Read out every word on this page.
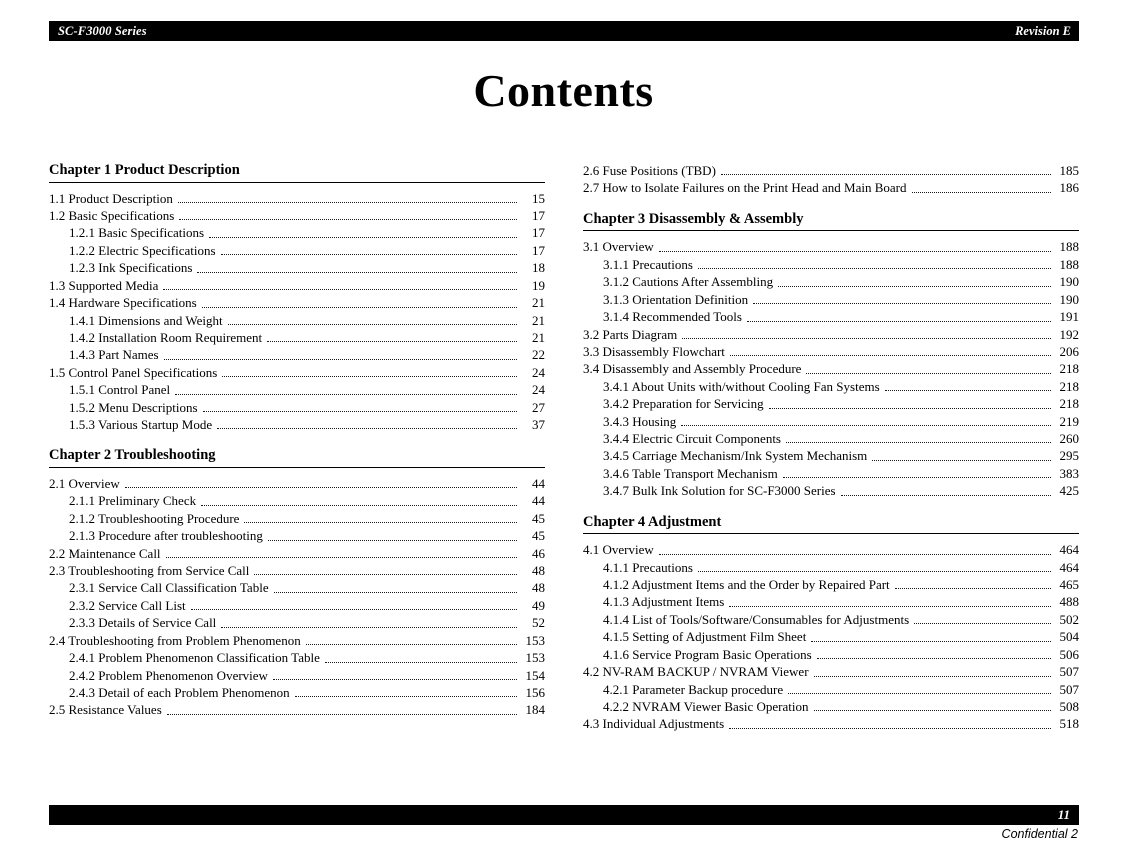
SC-F3000 Series	Revision E
Contents
Chapter 1 Product Description
1.1 Product Description	15
1.2 Basic Specifications	17
1.2.1 Basic Specifications	17
1.2.2 Electric Specifications	17
1.2.3 Ink Specifications	18
1.3 Supported Media	19
1.4 Hardware Specifications	21
1.4.1 Dimensions and Weight	21
1.4.2 Installation Room Requirement	21
1.4.3 Part Names	22
1.5 Control Panel Specifications	24
1.5.1 Control Panel	24
1.5.2 Menu Descriptions	27
1.5.3 Various Startup Mode	37
Chapter 2 Troubleshooting
2.1 Overview	44
2.1.1 Preliminary Check	44
2.1.2 Troubleshooting Procedure	45
2.1.3 Procedure after troubleshooting	45
2.2 Maintenance Call	46
2.3 Troubleshooting from Service Call	48
2.3.1 Service Call Classification Table	48
2.3.2 Service Call List	49
2.3.3 Details of Service Call	52
2.4 Troubleshooting from Problem Phenomenon	153
2.4.1 Problem Phenomenon Classification Table	153
2.4.2 Problem Phenomenon Overview	154
2.4.3 Detail of each Problem Phenomenon	156
2.5 Resistance Values	184
2.6 Fuse Positions (TBD)	185
2.7 How to Isolate Failures on the Print Head and Main Board	186
Chapter 3 Disassembly & Assembly
3.1 Overview	188
3.1.1 Precautions	188
3.1.2 Cautions After Assembling	190
3.1.3 Orientation Definition	190
3.1.4 Recommended Tools	191
3.2 Parts Diagram	192
3.3 Disassembly Flowchart	206
3.4 Disassembly and Assembly Procedure	218
3.4.1 About Units with/without Cooling Fan Systems	218
3.4.2 Preparation for Servicing	218
3.4.3 Housing	219
3.4.4 Electric Circuit Components	260
3.4.5 Carriage Mechanism/Ink System Mechanism	295
3.4.6 Table Transport Mechanism	383
3.4.7 Bulk Ink Solution for SC-F3000 Series	425
Chapter 4 Adjustment
4.1 Overview	464
4.1.1 Precautions	464
4.1.2 Adjustment Items and the Order by Repaired Part	465
4.1.3 Adjustment Items	488
4.1.4 List of Tools/Software/Consumables for Adjustments	502
4.1.5 Setting of Adjustment Film Sheet	504
4.1.6 Service Program Basic Operations	506
4.2 NV-RAM BACKUP / NVRAM Viewer	507
4.2.1 Parameter Backup procedure	507
4.2.2 NVRAM Viewer Basic Operation	508
4.3 Individual Adjustments	518
11
Confidential 2
